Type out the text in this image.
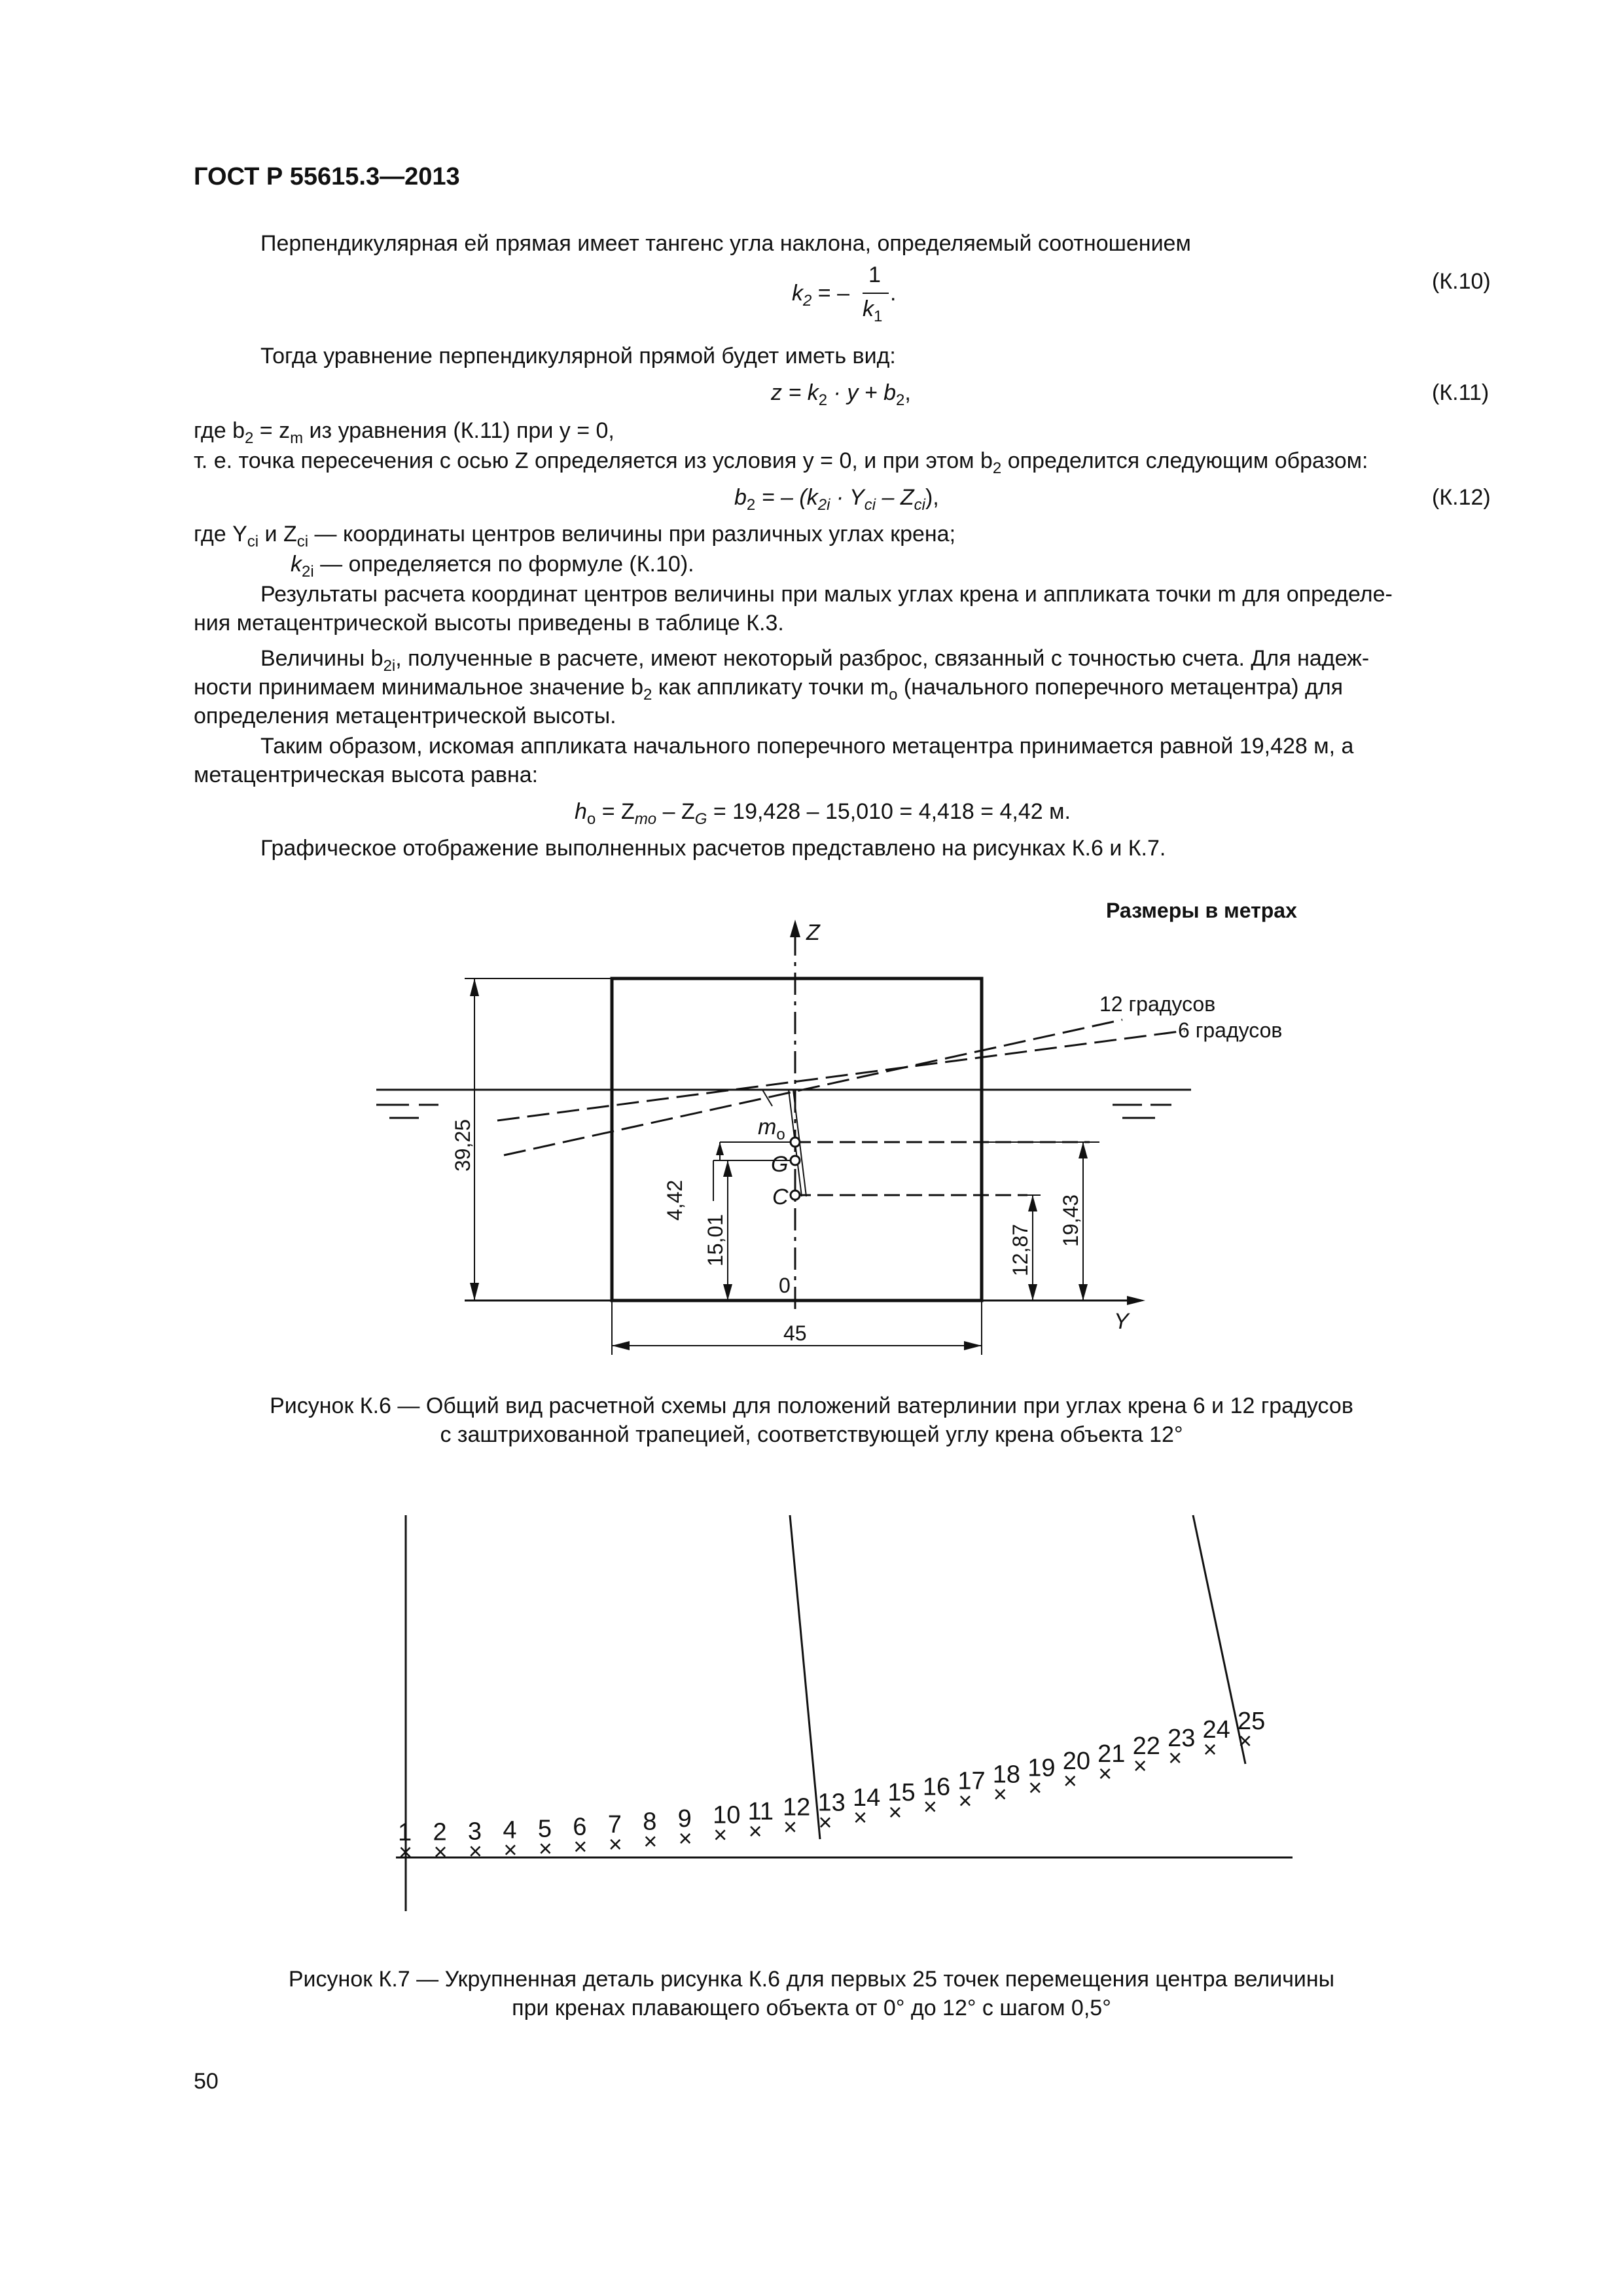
ГОСТ Р 55615.3—2013
Перпендикулярная ей прямая имеет тангенс угла наклона, определяемый соотношением
$k_2$ = –
1
$k_1$
.	(К.10)
Тогда уравнение перпендикулярной прямой будет иметь вид:
$z = k_2 \cdot y + b_2$,	(К.11)
где $b_2 = z_m$ из уравнения (К.11) при y = 0,
т. е. точка пересечения с осью Z определяется из условия y = 0, и при этом $b_2$ определится следующим образом:
$b_2$ = – $(k_{2i} \cdot Y_{ci} - Z_{ci})$,	(К.12)
где $Y_{ci}$ и $Z_{ci}$ — координаты центров величины при различных углах крена;
$k_{2i}$ — определяется по формуле (К.10).
Результаты расчета координат центров величины при малых углах крена и аппликата точки m для определе-
ния метацентрической высоты приведены в таблице К.3.
Величины $b_{2i}$, полученные в расчете, имеют некоторый разброс, связанный с точностью счета. Для надеж-
ности принимаем минимальное значение $b_2$ как аппликату точки $m_o$ (начального поперечного метацентра) для
определения метацентрической высоты.
Таким образом, искомая аппликата начального поперечного метацентра принимается равной 19,428 м, а
метацентрическая высота равна:
$h_o = Z_{mo} - Z_G = 19,428 - 15,010 = 4,418 = 4,42$ м.
Графическое отображение выполненных расчетов представлено на рисунках К.6 и К.7.
Размеры в метрах
Z
Y
12 градусов
6 градусов
$m_o$
G
C
0
39,25
4,42
15,01	12,87
19,43
45
Рисунок К.6 — Общий вид расчетной схемы для положений ватерлинии при углах крена 6 и 12 градусов
с заштрихованной трапецией, соответствующей углу крена объекта 12°
×
1
×
2
×
3
×
4
×
5
×
6
×
7
×
8
×
9
×
10
×
11
×
12
×
13
×
14
×
15 ×
16 ×
17 ×
18 ×
19 ×
20 ×
21 ×
22 ×
23 ×
24 ×
25
Рисунок К.7 — Укрупненная деталь рисунка К.6 для первых 25 точек перемещения центра величины
при кренах плавающего объекта от 0° до 12° с шагом 0,5°
50
